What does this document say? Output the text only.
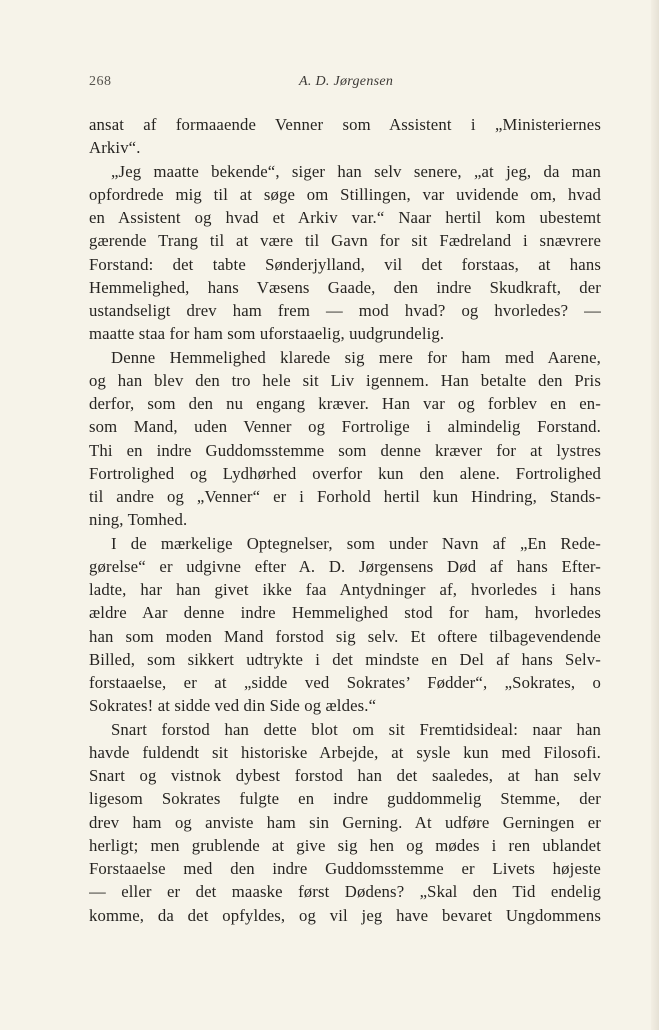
268	A. D. Jørgensen
ansat af formaaende Venner som Assistent i „Ministeriernes
Arkiv“.
„Jeg maatte bekende“, siger han selv senere, „at jeg, da man
opfordrede mig til at søge om Stillingen, var uvidende om, hvad
en Assistent og hvad et Arkiv var.“ Naar hertil kom ubestemt
gærende Trang til at være til Gavn for sit Fædreland i snævrere
Forstand: det tabte Sønderjylland, vil det forstaas, at hans
Hemmelighed, hans Væsens Gaade, den indre Skudkraft, der
ustandseligt drev ham frem — mod hvad? og hvorledes? —
maatte staa for ham som uforstaaelig, uudgrundelig.
Denne Hemmelighed klarede sig mere for ham med Aarene,
og han blev den tro hele sit Liv igennem. Han betalte den Pris
derfor, som den nu engang kræver. Han var og forblev en en-
som Mand, uden Venner og Fortrolige i almindelig Forstand.
Thi en indre Guddomsstemme som denne kræver for at lystres
Fortrolighed og Lydhørhed overfor kun den alene. Fortrolighed
til andre og „Venner“ er i Forhold hertil kun Hindring, Stands-
ning, Tomhed.
I de mærkelige Optegnelser, som under Navn af „En Rede-
gørelse“ er udgivne efter A. D. Jørgensens Død af hans Efter-
ladte, har han givet ikke faa Antydninger af, hvorledes i hans
ældre Aar denne indre Hemmelighed stod for ham, hvorledes
han som moden Mand forstod sig selv. Et oftere tilbagevendende
Billed, som sikkert udtrykte i det mindste en Del af hans Selv-
forstaaelse, er at „sidde ved Sokrates’ Fødder“, „Sokrates, o
Sokrates! at sidde ved din Side og ældes.“
Snart forstod han dette blot om sit Fremtidsideal: naar han
havde fuldendt sit historiske Arbejde, at sysle kun med Filosofi.
Snart og vistnok dybest forstod han det saaledes, at han selv
ligesom Sokrates fulgte en indre guddommelig Stemme, der
drev ham og anviste ham sin Gerning. At udføre Gerningen er
herligt; men grublende at give sig hen og mødes i ren ublandet
Forstaaelse med den indre Guddomsstemme er Livets højeste
— eller er det maaske først Dødens? „Skal den Tid endelig
komme, da det opfyldes, og vil jeg have bevaret Ungdommens
